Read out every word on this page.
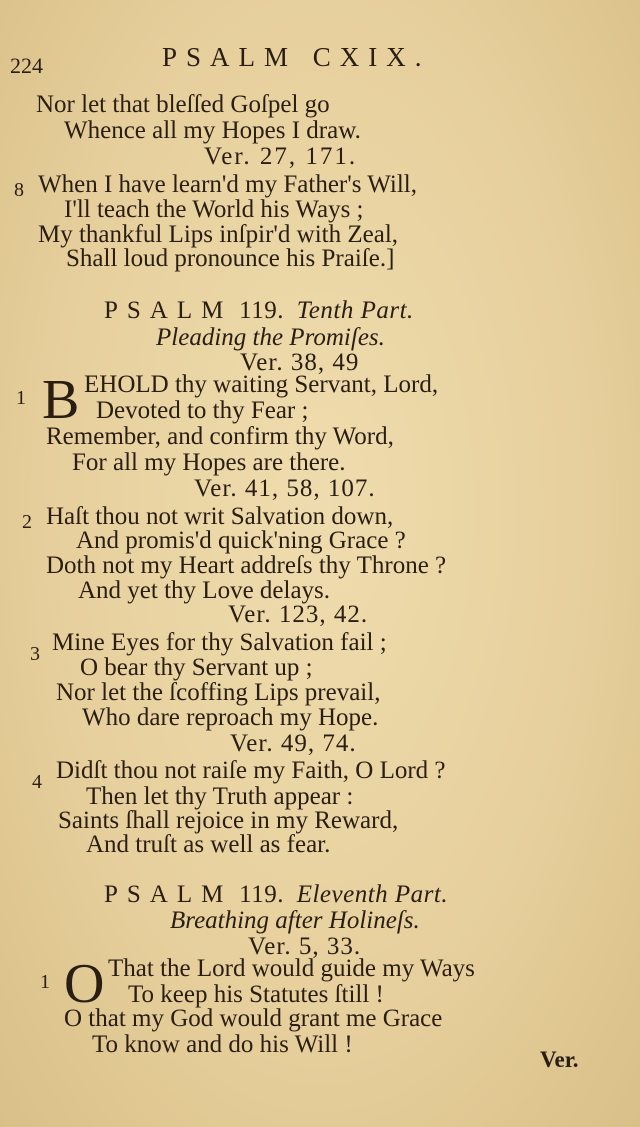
224	PSALM CXIX.
Nor let that bleſſed Goſpel go
Whence all my Hopes I draw.
Ver. 27, 171.
8 When I have learn'd my Father's Will,
I'll teach the World his Ways ;
My thankful Lips inſpir'd with Zeal,
Shall loud pronounce his Praiſe.]
PSALM 119. Tenth Part.
Pleading the Promiſes.
Ver. 38, 49
1 B EHOLD thy waiting Servant, Lord,
Devoted to thy Fear ;
Remember, and confirm thy Word,
For all my Hopes are there.
Ver. 41, 58, 107.
2 Haſt thou not writ Salvation down,
And promis'd quick'ning Grace ?
Doth not my Heart addreſs thy Throne ?
And yet thy Love delays.
Ver. 123, 42.
3 Mine Eyes for thy Salvation fail ;
O bear thy Servant up ;
Nor let the ſcoffing Lips prevail,
Who dare reproach my Hope.
Ver. 49, 74.
4 Didſt thou not raiſe my Faith, O Lord ?
Then let thy Truth appear :
Saints ſhall rejoice in my Reward,
And truſt as well as fear.
PSALM 119. Eleventh Part.
Breathing after Holineſs.
Ver. 5, 33.
1 O That the Lord would guide my Ways
To keep his Statutes ſtill !
O that my God would grant me Grace
To know and do his Will !
Ver.
